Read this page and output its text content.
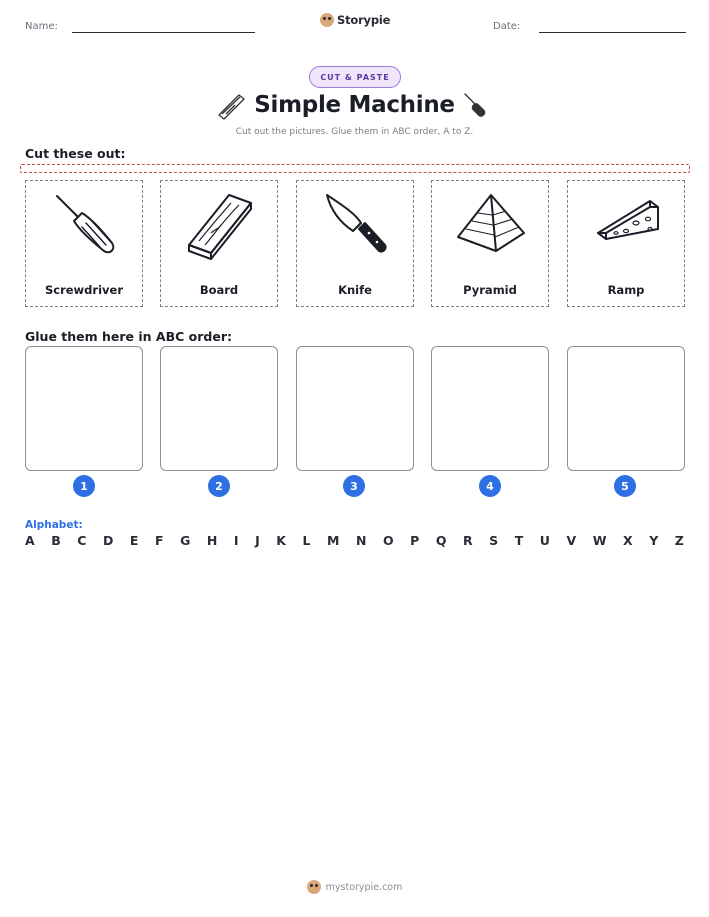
Name:	Storypie	Date:
CUT & PASTE
Simple Machine
Cut out the pictures. Glue them in ABC order, A to Z.
Cut these out:
Screwdriver	Board	Knife	Pyramid	Ramp
Glue them here in ABC order:
1	2	3	4	5
Alphabet:
A B C D E F G H I J K L M N O P Q R S T U V W X Y Z
mystorypie.com
